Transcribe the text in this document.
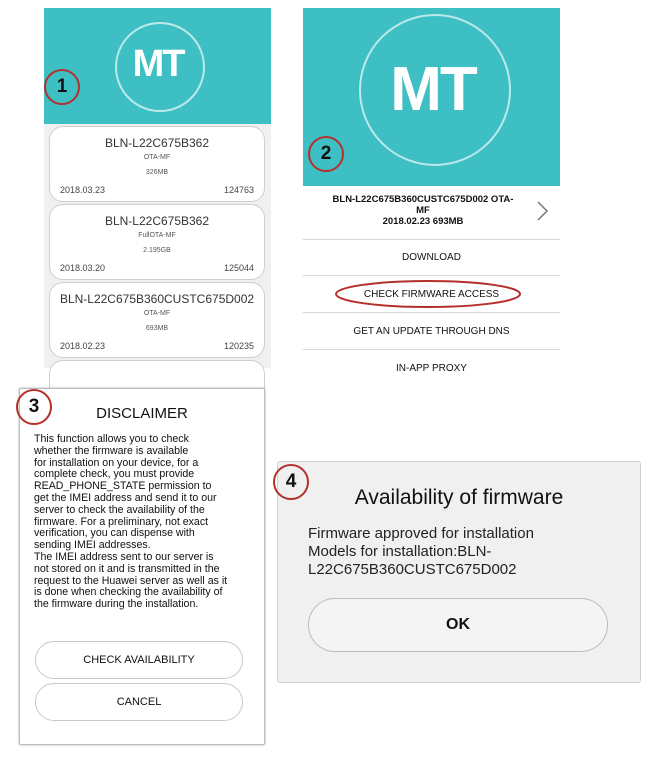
MT
BLN-L22C675B362
OTA-MF
326MB
2018.03.23	124763
BLN-L22C675B362
FullOTA-MF
2.195GB
2018.03.20	125044
BLN-L22C675B360CUSTC675D002
OTA-MF
693MB
2018.02.23	120235
1	MT
BLN-L22C675B360CUSTC675D002 OTA-
MF
2018.02.23 693MB
DOWNLOAD
CHECK FIRMWARE ACCESS
GET AN UPDATE THROUGH DNS
IN-APP PROXY
2
DISCLAIMER
This function allows you to check
whether the firmware is available
for installation on your device, for a
complete check, you must provide
READ_PHONE_STATE permission to
get the IMEI address and send it to our
server to check the availability of the
firmware. For a preliminary, not exact
verification, you can dispense with
sending IMEI addresses.
The IMEI address sent to our server is
not stored on it and is transmitted in the
request to the Huawei server as well as it
is done when checking the availability of
the firmware during the installation.
CHECK AVAILABILITY
CANCEL
3
Availability of firmware
Firmware approved for installation
Models for installation:BLN-
L22C675B360CUSTC675D002
OK
4
